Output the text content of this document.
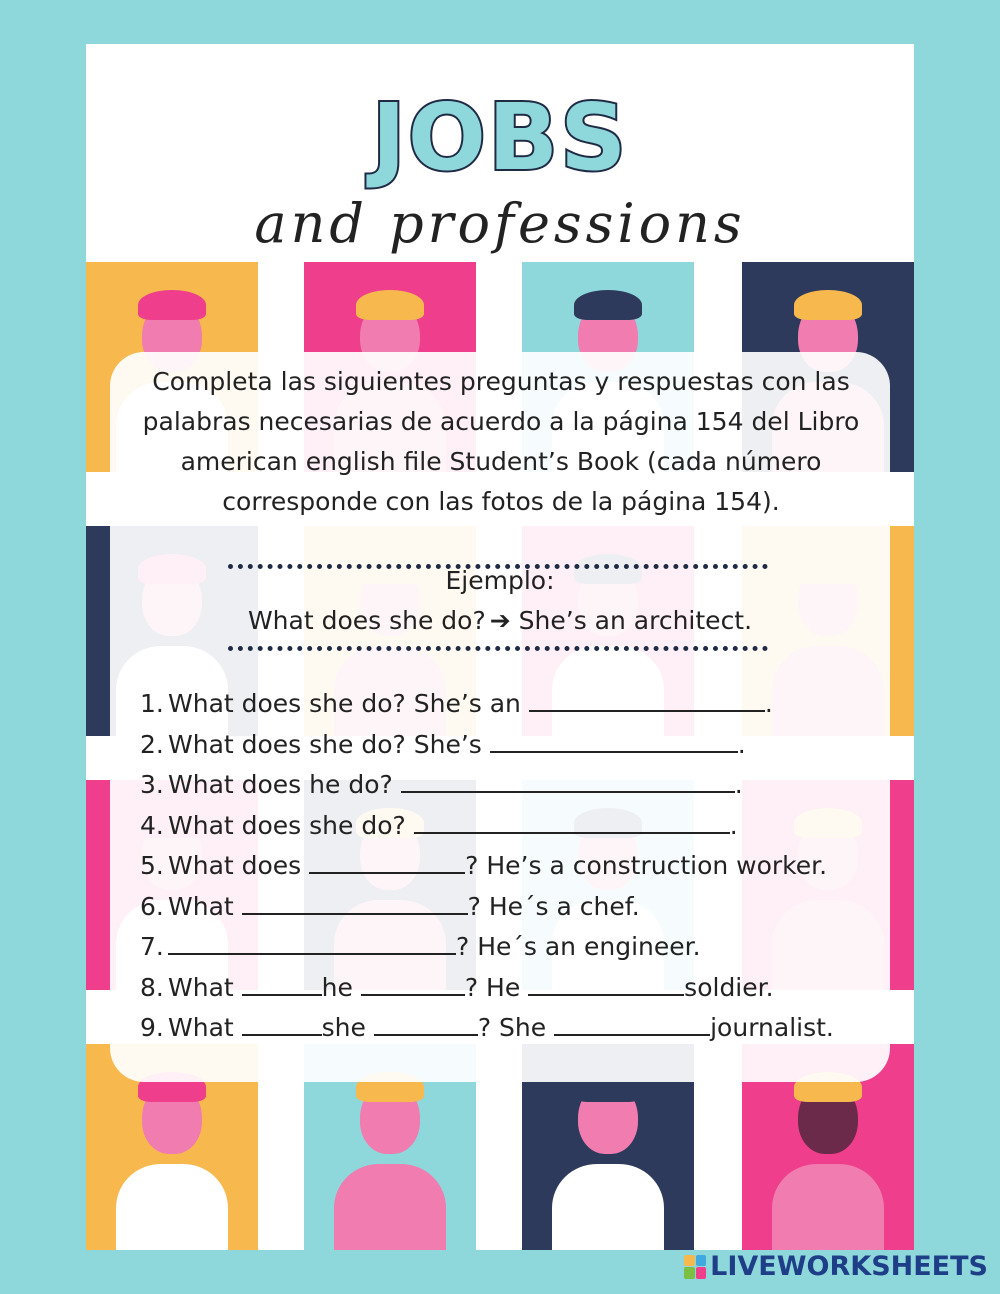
JOBS
and professions
Completa las siguientes preguntas y respuestas con las palabras necesarias de acuerdo a la página 154 del Libro american english file Student’s Book (cada número corresponde con las fotos de la página 154).
Ejemplo:
What does she do? ➔ She’s an architect.
1. What does she do? She’s an	.
2. What does she do? She’s	.
3. What does he do?	.
4. What does she do?	.
5. What does	? He’s a construction worker.
6. What	? He´s a chef.
7.	? He´s an engineer.
8. What	he	? He	soldier.
9. What	she	? She	journalist.
LIVEWORKSHEETS
